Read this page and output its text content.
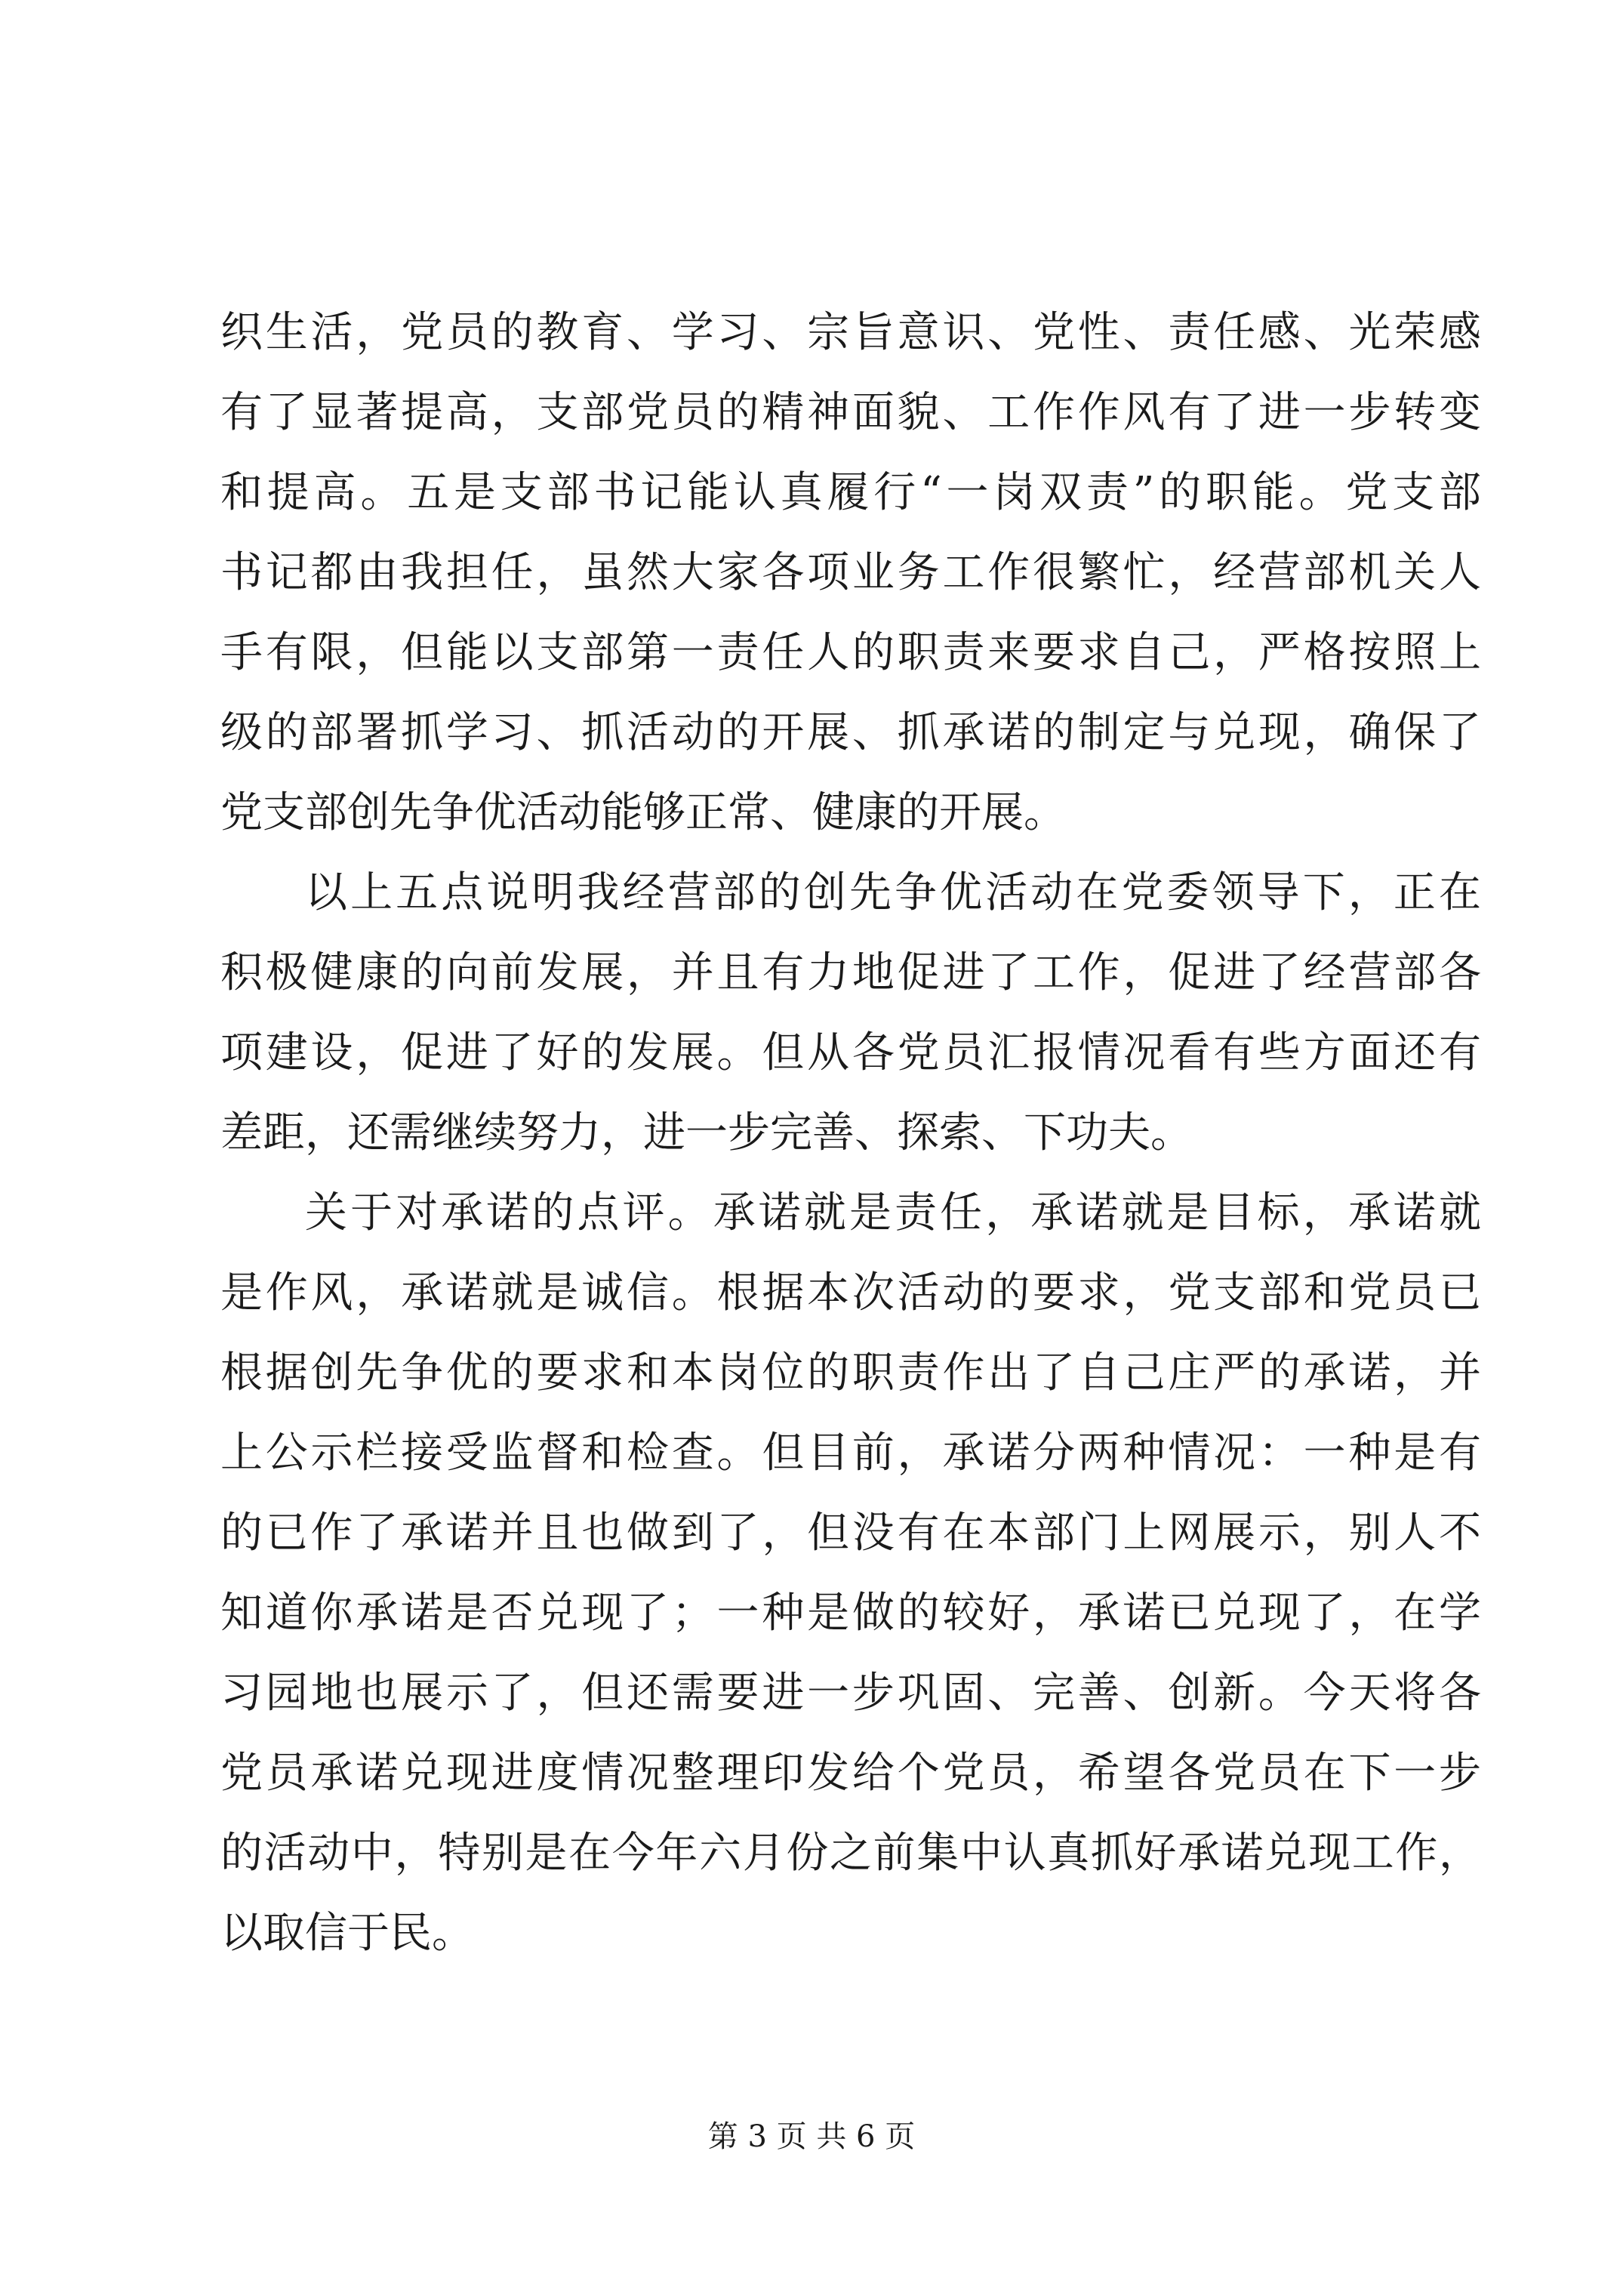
织生活，党员的教育、学习、宗旨意识、党性、责任感、光荣感
有了显著提高，支部党员的精神面貌、工作作风有了进一步转变
和提高。五是支部书记能认真履行“一岗双责”的职能。党支部
书记都由我担任，虽然大家各项业务工作很繁忙，经营部机关人
手有限，但能以支部第一责任人的职责来要求自己，严格按照上
级的部署抓学习、抓活动的开展、抓承诺的制定与兑现，确保了
党支部创先争优活动能够正常、健康的开展。
以上五点说明我经营部的创先争优活动在党委领导下，正在
积极健康的向前发展，并且有力地促进了工作，促进了经营部各
项建设，促进了好的发展。但从各党员汇报情况看有些方面还有
差距，还需继续努力，进一步完善、探索、下功夫。
关于对承诺的点评。承诺就是责任，承诺就是目标，承诺就
是作风，承诺就是诚信。根据本次活动的要求，党支部和党员已
根据创先争优的要求和本岗位的职责作出了自己庄严的承诺，并
上公示栏接受监督和检查。但目前，承诺分两种情况：一种是有
的已作了承诺并且也做到了，但没有在本部门上网展示，别人不
知道你承诺是否兑现了；一种是做的较好，承诺已兑现了，在学
习园地也展示了，但还需要进一步巩固、完善、创新。今天将各
党员承诺兑现进度情况整理印发给个党员，希望各党员在下一步
的活动中，特别是在今年六月份之前集中认真抓好承诺兑现工作，
以取信于民。
第 3 页 共 6 页
